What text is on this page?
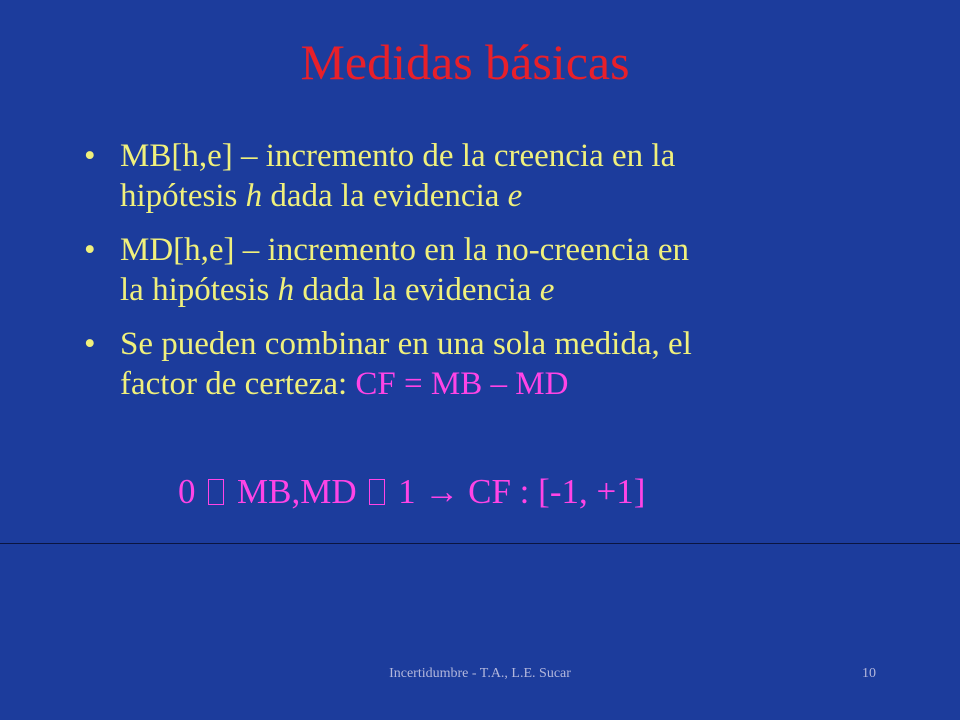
Medidas básicas
• MB[h,e] – incremento de la creencia en la
hipótesis h dada la evidencia e
• MD[h,e] – incremento en la no-creencia en
la hipótesis h dada la evidencia e
• Se pueden combinar en una sola medida, el
factor de certeza: CF = MB – MD
0 MB,MD 1 → CF : [-1, +1]
Incertidumbre - T.A., L.E. Sucar	10
